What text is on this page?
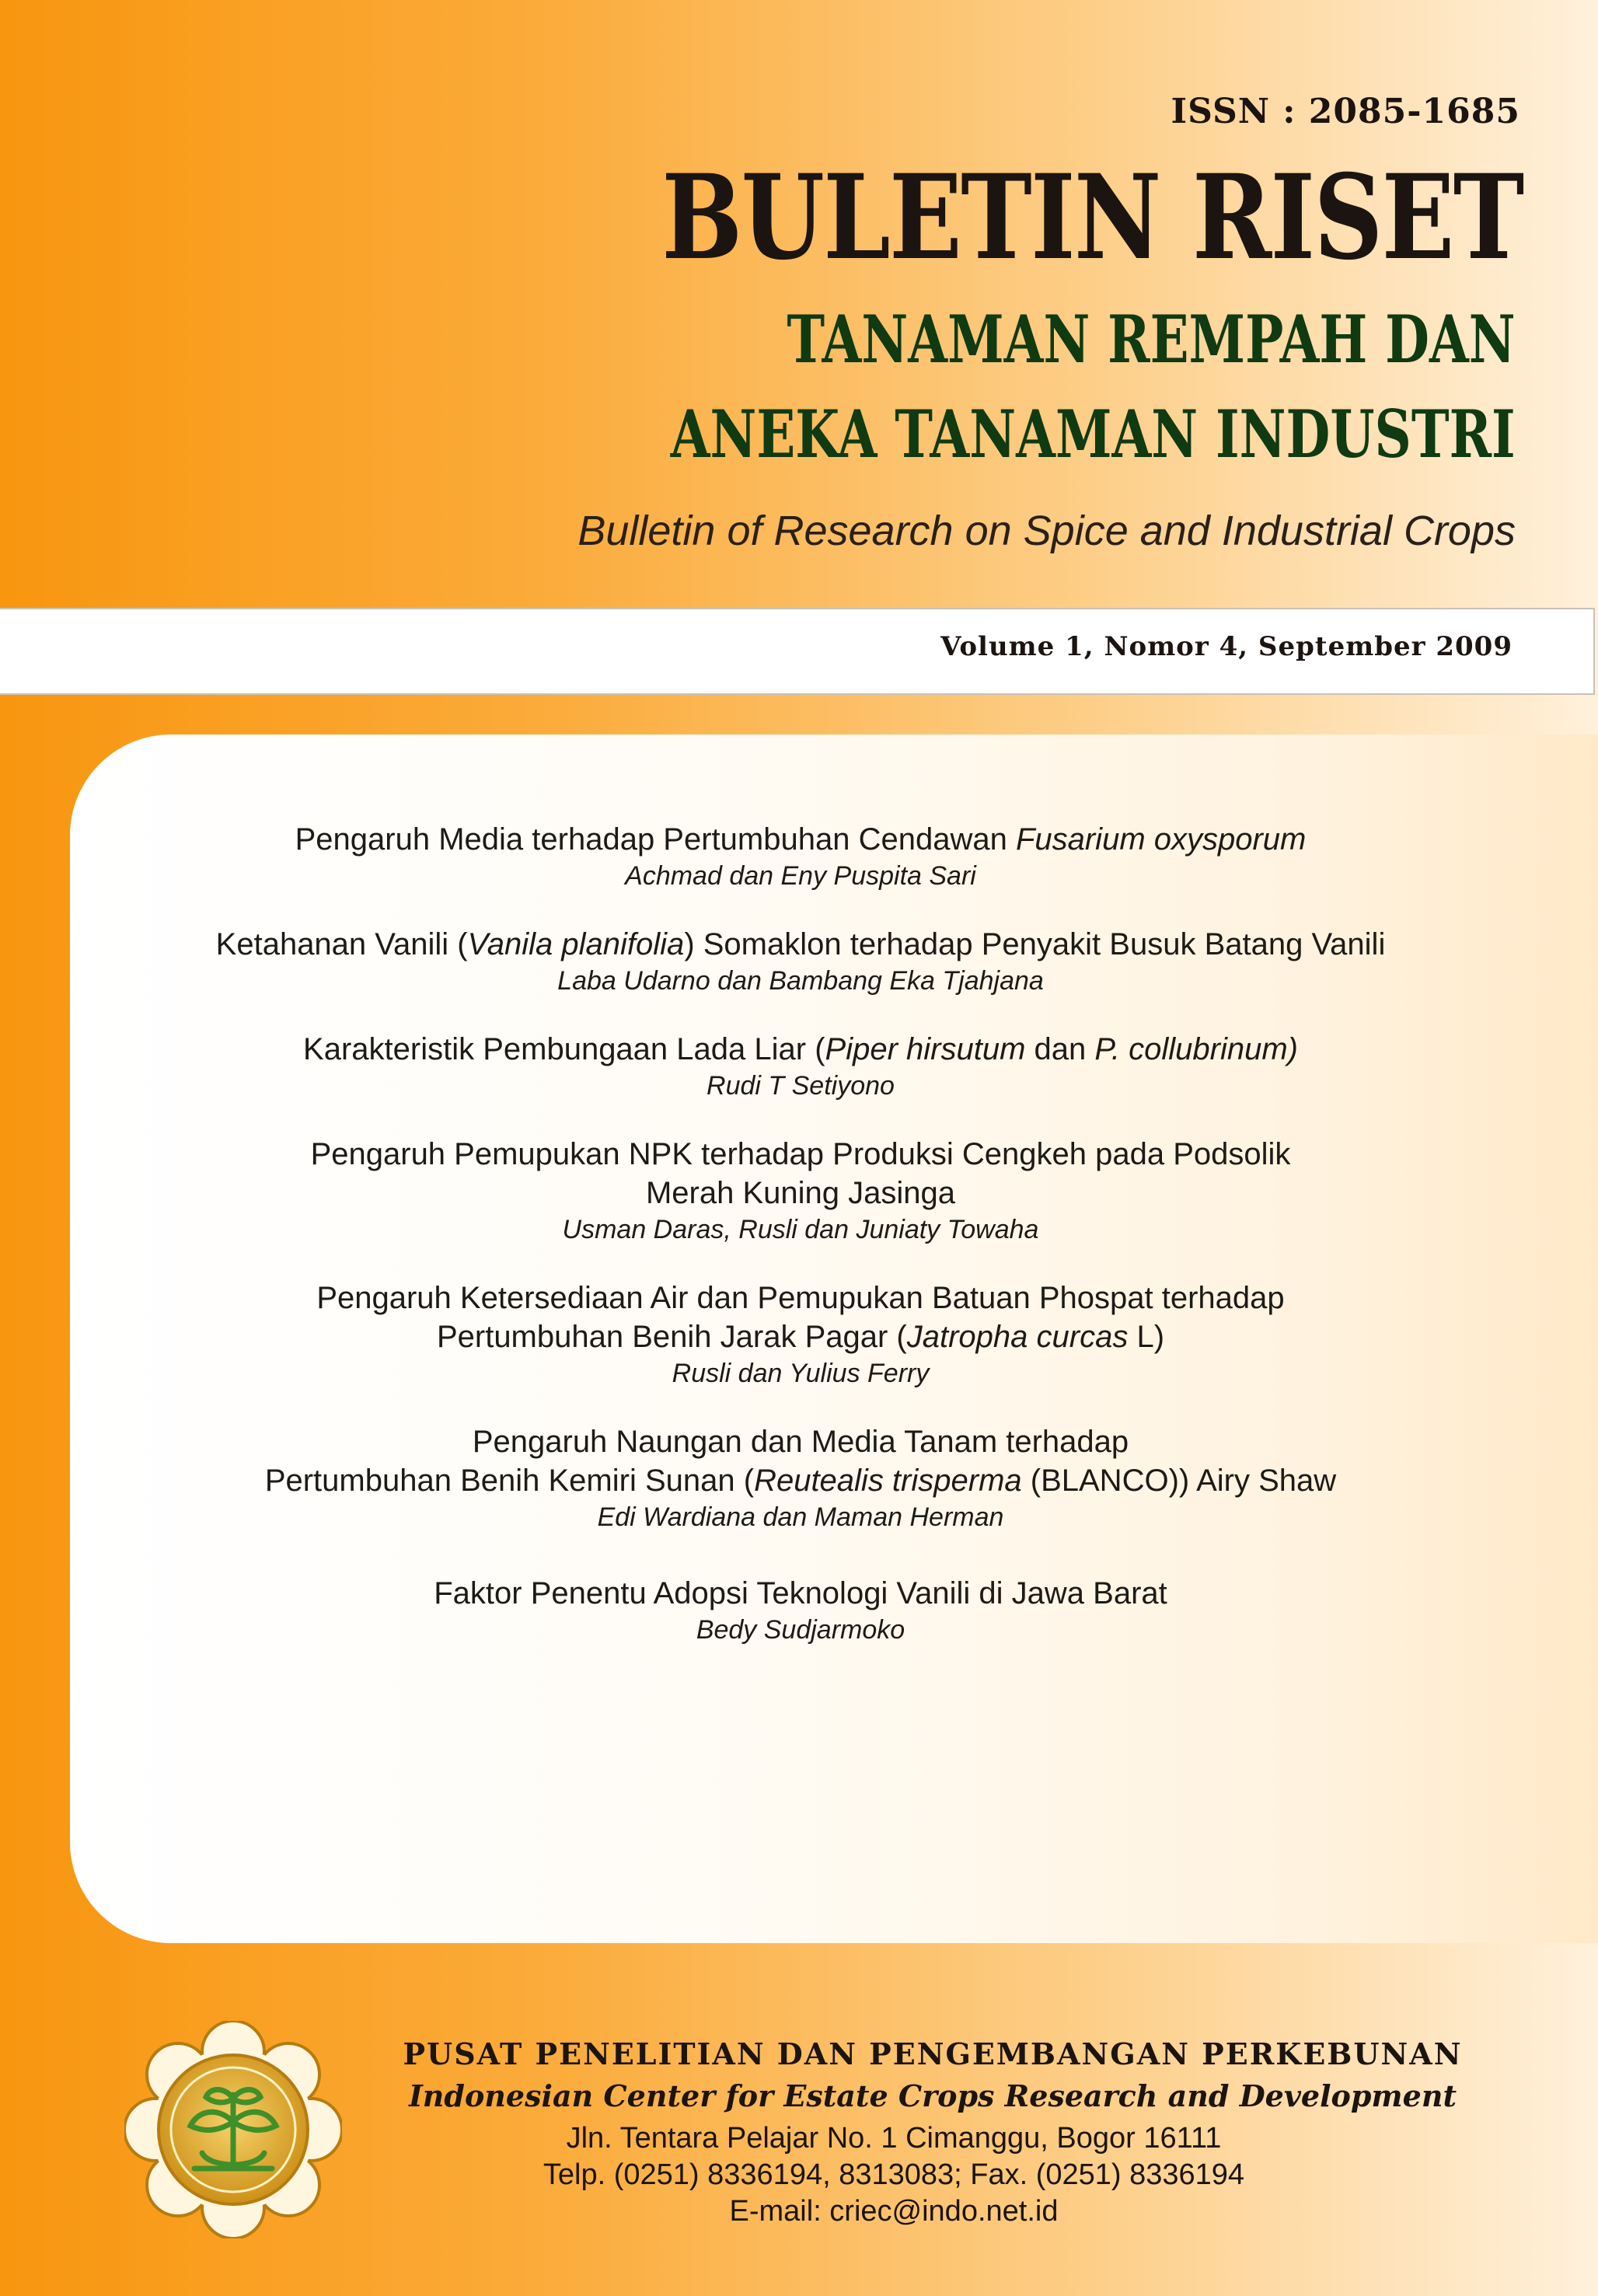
ISSN : 2085-1685
BULETIN RISET
TANAMAN REMPAH DAN
ANEKA TANAMAN INDUSTRI
Bulletin of Research on Spice and Industrial Crops
Volume 1, Nomor 4, September 2009
Pengaruh Media terhadap Pertumbuhan Cendawan Fusarium oxysporum
Achmad dan Eny Puspita Sari
Ketahanan Vanili (Vanila planifolia) Somaklon terhadap Penyakit Busuk Batang Vanili
Laba Udarno dan Bambang Eka Tjahjana
Karakteristik Pembungaan Lada Liar (Piper hirsutum dan P. collubrinum)
Rudi T Setiyono
Pengaruh Pemupukan NPK terhadap Produksi Cengkeh pada Podsolik
Merah Kuning Jasinga
Usman Daras, Rusli dan Juniaty Towaha
Pengaruh Ketersediaan Air dan Pemupukan Batuan Phospat terhadap
Pertumbuhan Benih Jarak Pagar (Jatropha curcas L)
Rusli dan Yulius Ferry
Pengaruh Naungan dan Media Tanam terhadap
Pertumbuhan Benih Kemiri Sunan (Reutealis trisperma (BLANCO)) Airy Shaw
Edi Wardiana dan Maman Herman
Faktor Penentu Adopsi Teknologi Vanili di Jawa Barat
Bedy Sudjarmoko
PUSAT PENELITIAN DAN PENGEMBANGAN PERKEBUNAN
Indonesian Center for Estate Crops Research and Development
Jln. Tentara Pelajar No. 1 Cimanggu, Bogor 16111
Telp. (0251) 8336194, 8313083; Fax. (0251) 8336194
E-mail: criec@indo.net.id
